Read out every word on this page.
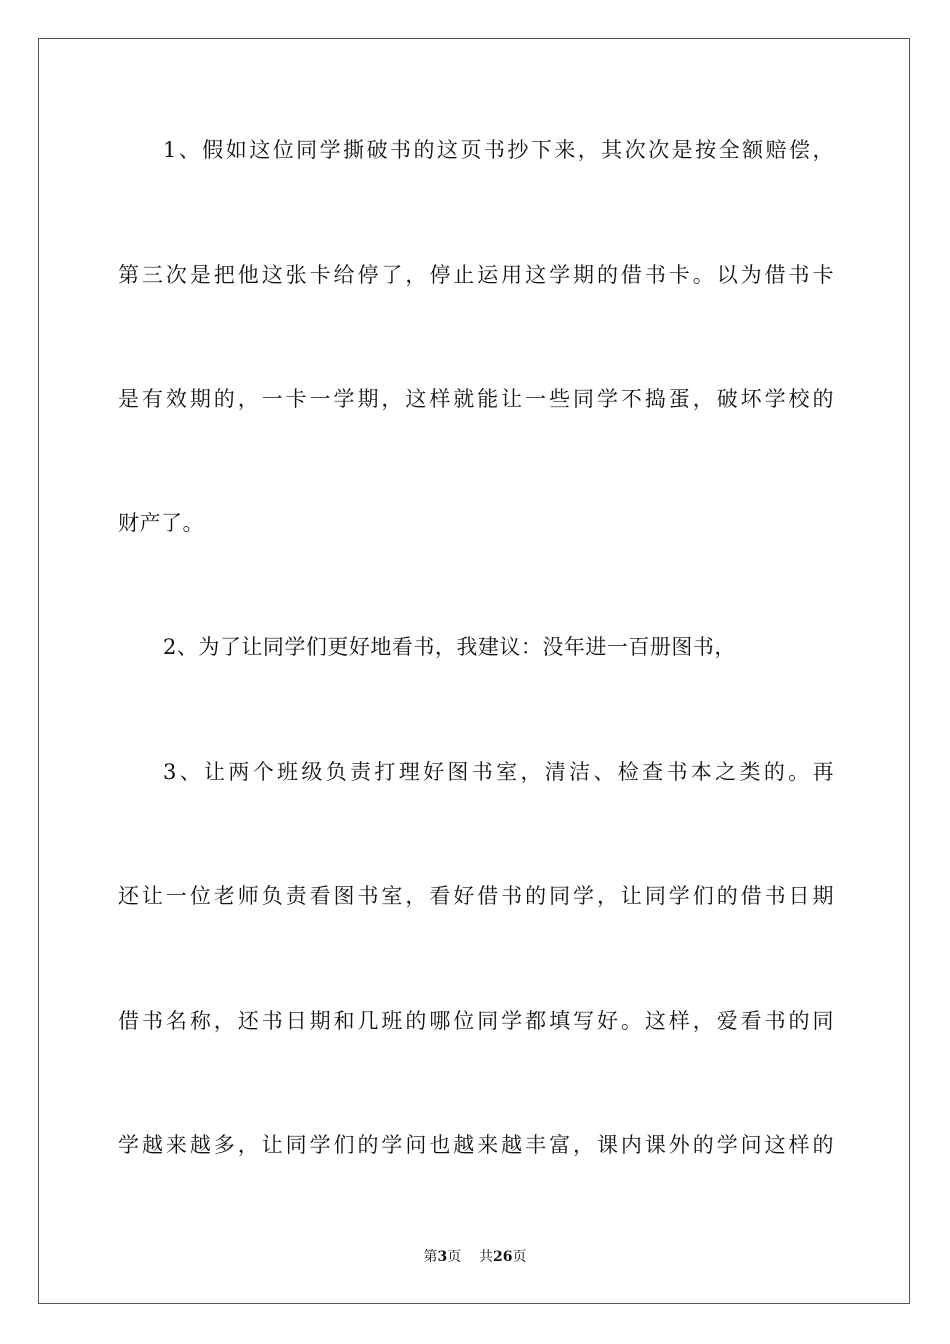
1、假如这位同学撕破书的这页书抄下来，其次次是按全额赔偿，
第三次是把他这张卡给停了，停止运用这学期的借书卡。以为借书卡
是有效期的，一卡一学期，这样就能让一些同学不捣蛋，破坏学校的
财产了。
2、为了让同学们更好地看书，我建议：没年进一百册图书，
3、让两个班级负责打理好图书室，清洁、检查书本之类的。再
还让一位老师负责看图书室，看好借书的同学，让同学们的借书日期
借书名称，还书日期和几班的哪位同学都填写好。这样，爱看书的同
学越来越多，让同学们的学问也越来越丰富，课内课外的学问这样的
第3页 共26页
